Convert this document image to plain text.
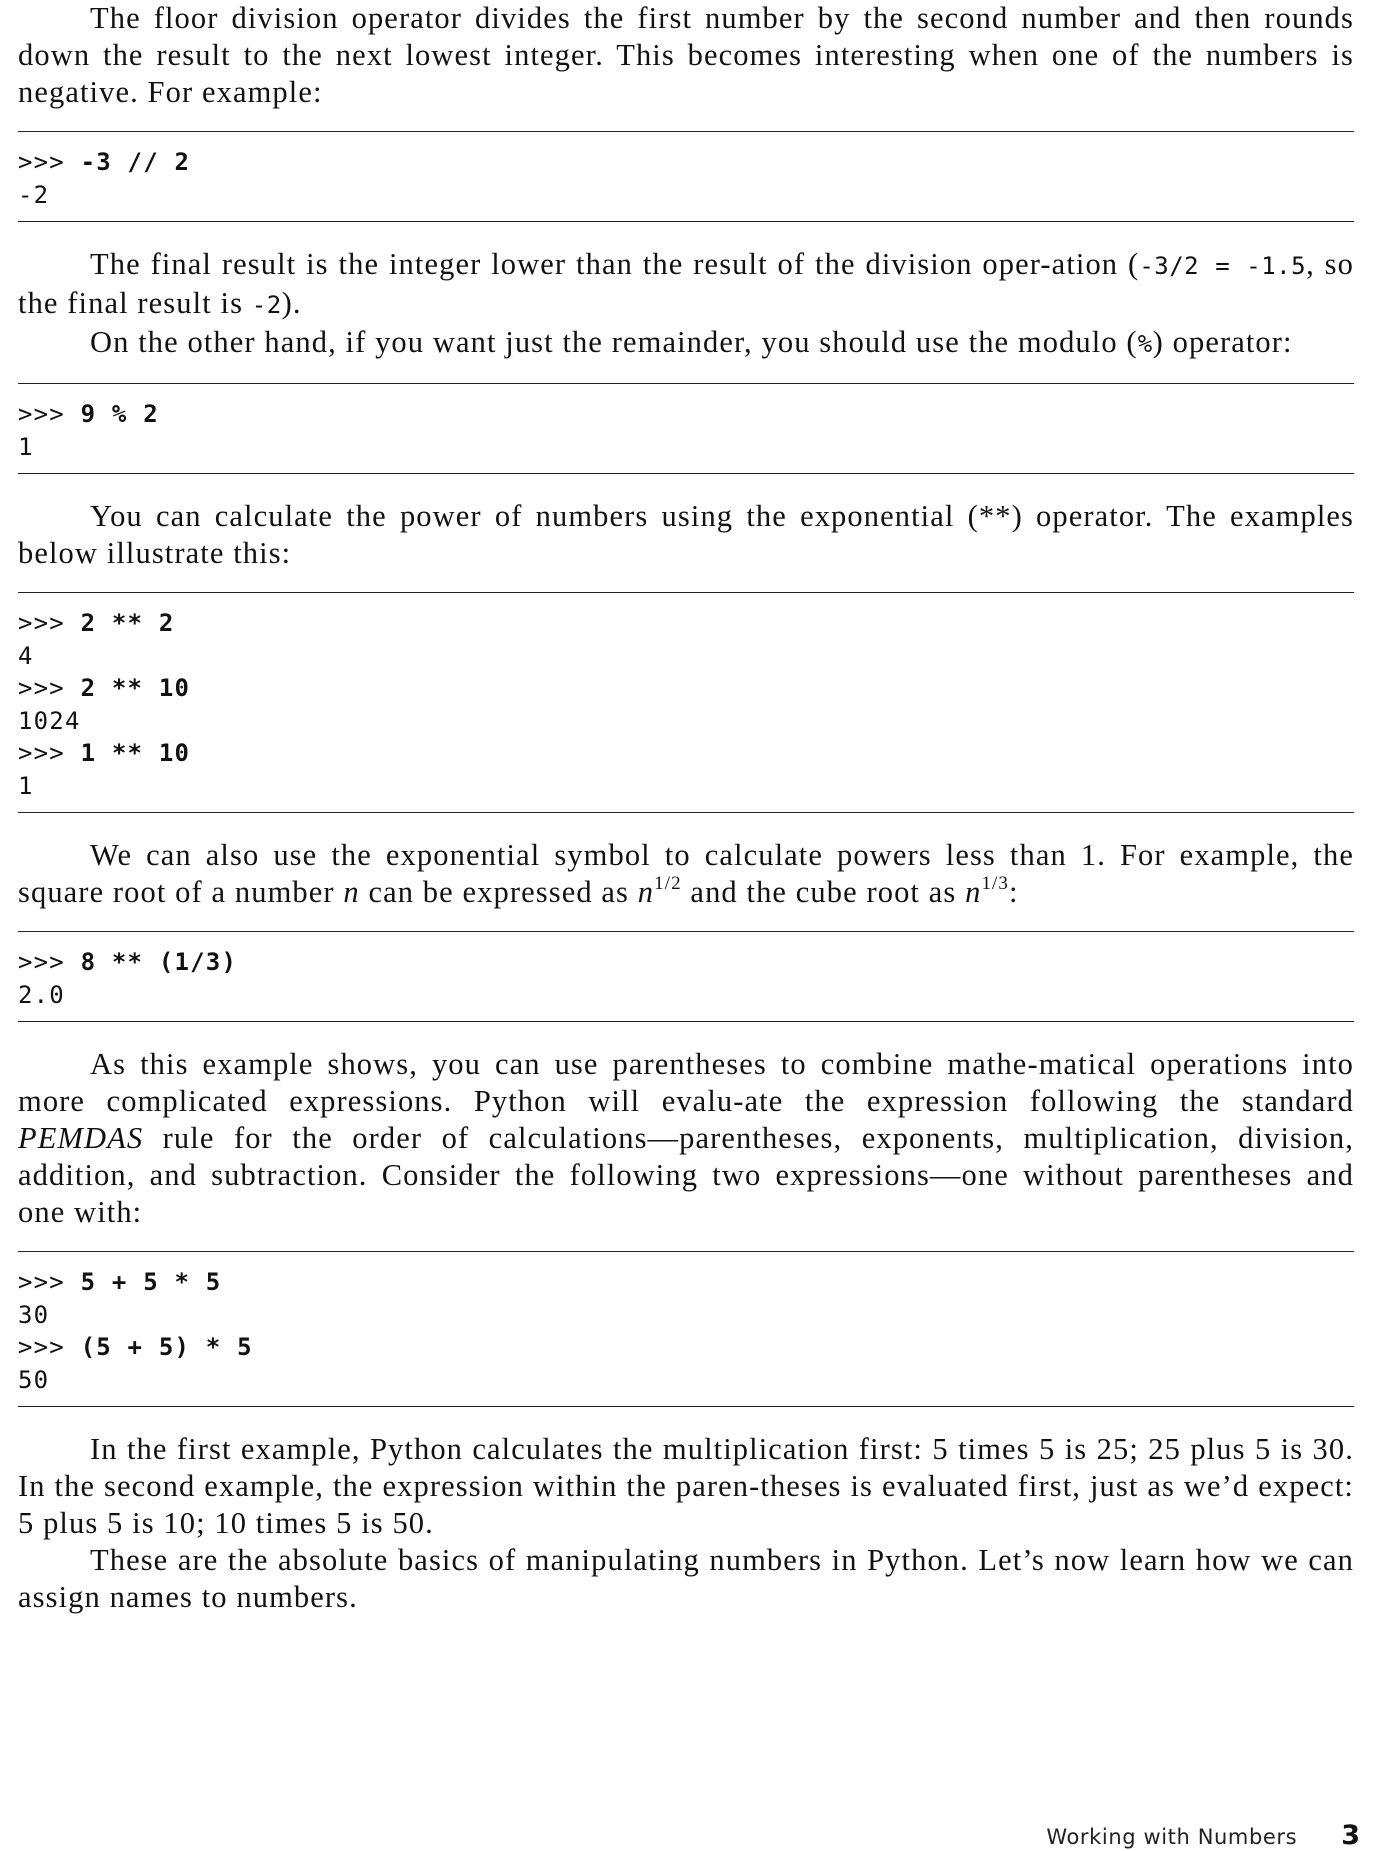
The floor division operator divides the first number by the second number and then rounds down the result to the next lowest integer. This becomes interesting when one of the numbers is negative. For example:

>>> -3 // 2
-2

The final result is the integer lower than the result of the division oper-ation (-3/2 = -1.5, so the final result is -2).

On the other hand, if you want just the remainder, you should use the modulo (%) operator:

>>> 9 % 2
1

You can calculate the power of numbers using the exponential (**) operator. The examples below illustrate this:

>>> 2 ** 2
4
>>> 2 ** 10
1024
>>> 1 ** 10
1

We can also use the exponential symbol to calculate powers less than 1. For example, the square root of a number n can be expressed as $n^{1/2}$ and the cube root as $n^{1/3}$:

>>> 8 ** (1/3)
2.0

As this example shows, you can use parentheses to combine mathe-matical operations into more complicated expressions. Python will evalu-ate the expression following the standard PEMDAS rule for the order of calculations—parentheses, exponents, multiplication, division, addition, and subtraction. Consider the following two expressions—one without parentheses and one with:

>>> 5 + 5 * 5
30
>>> (5 + 5) * 5
50

In the first example, Python calculates the multiplication first: 5 times 5 is 25; 25 plus 5 is 30. In the second example, the expression within the paren-theses is evaluated first, just as we’d expect: 5 plus 5 is 10; 10 times 5 is 50.

These are the absolute basics of manipulating numbers in Python. Let’s now learn how we can assign names to numbers.

Working with Numbers 3
